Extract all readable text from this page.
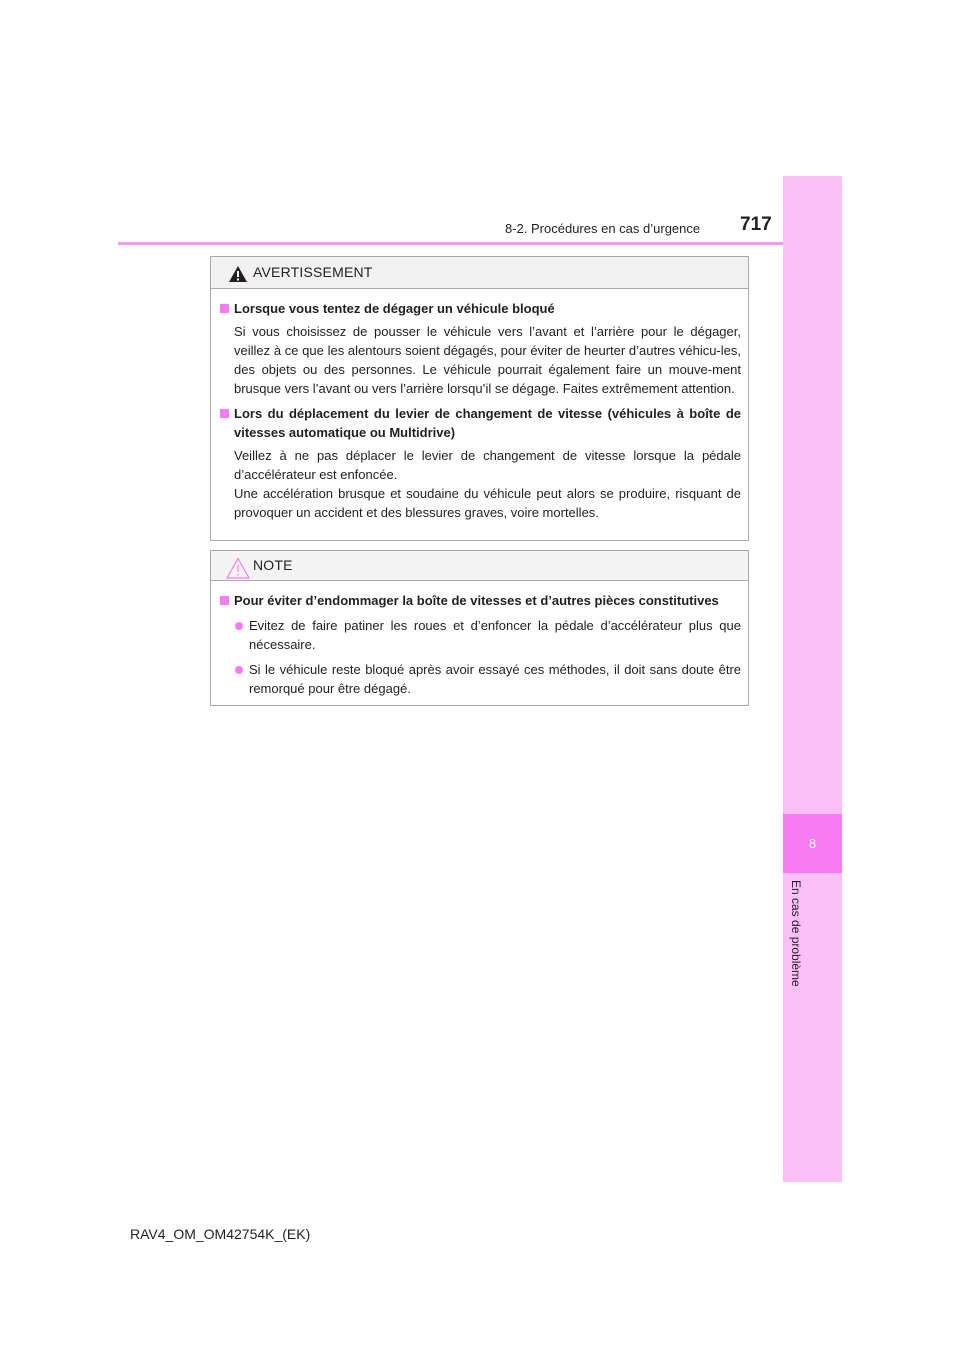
8-2. Procédures en cas d’urgence 717
8
En cas de problème
AVERTISSEMENT
Lorsque vous tentez de dégager un véhicule bloqué
Si vous choisissez de pousser le véhicule vers l’avant et l’arrière pour le dégager, veillez à ce que les alentours soient dégagés, pour éviter de heurter d’autres véhicu-les, des objets ou des personnes. Le véhicule pourrait également faire un mouve-ment brusque vers l’avant ou vers l’arrière lorsqu’il se dégage. Faites extrêmement attention.
Lors du déplacement du levier de changement de vitesse (véhicules à boîte de vitesses automatique ou Multidrive)
Veillez à ne pas déplacer le levier de changement de vitesse lorsque la pédale d’accélérateur est enfoncée.
Une accélération brusque et soudaine du véhicule peut alors se produire, risquant de provoquer un accident et des blessures graves, voire mortelles.
NOTE
Pour éviter d’endommager la boîte de vitesses et d’autres pièces constitutives
Evitez de faire patiner les roues et d’enfoncer la pédale d’accélérateur plus que nécessaire.
Si le véhicule reste bloqué après avoir essayé ces méthodes, il doit sans doute être remorqué pour être dégagé.
RAV4_OM_OM42754K_(EK)
